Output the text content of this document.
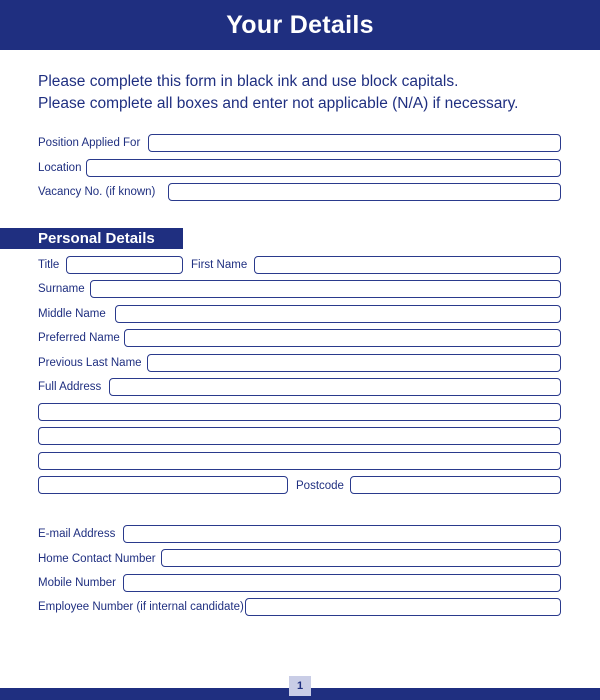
Your Details
Please complete this form in black ink and use block capitals.
Please complete all boxes and enter not applicable (N/A) if necessary.
Position Applied For
Location
Vacancy No. (if known)
Personal Details
Title	First Name
Surname
Middle Name
Preferred Name
Previous Last Name
Full Address
Postcode
E-mail Address
Home Contact Number
Mobile Number
Employee Number (if internal candidate)
1
